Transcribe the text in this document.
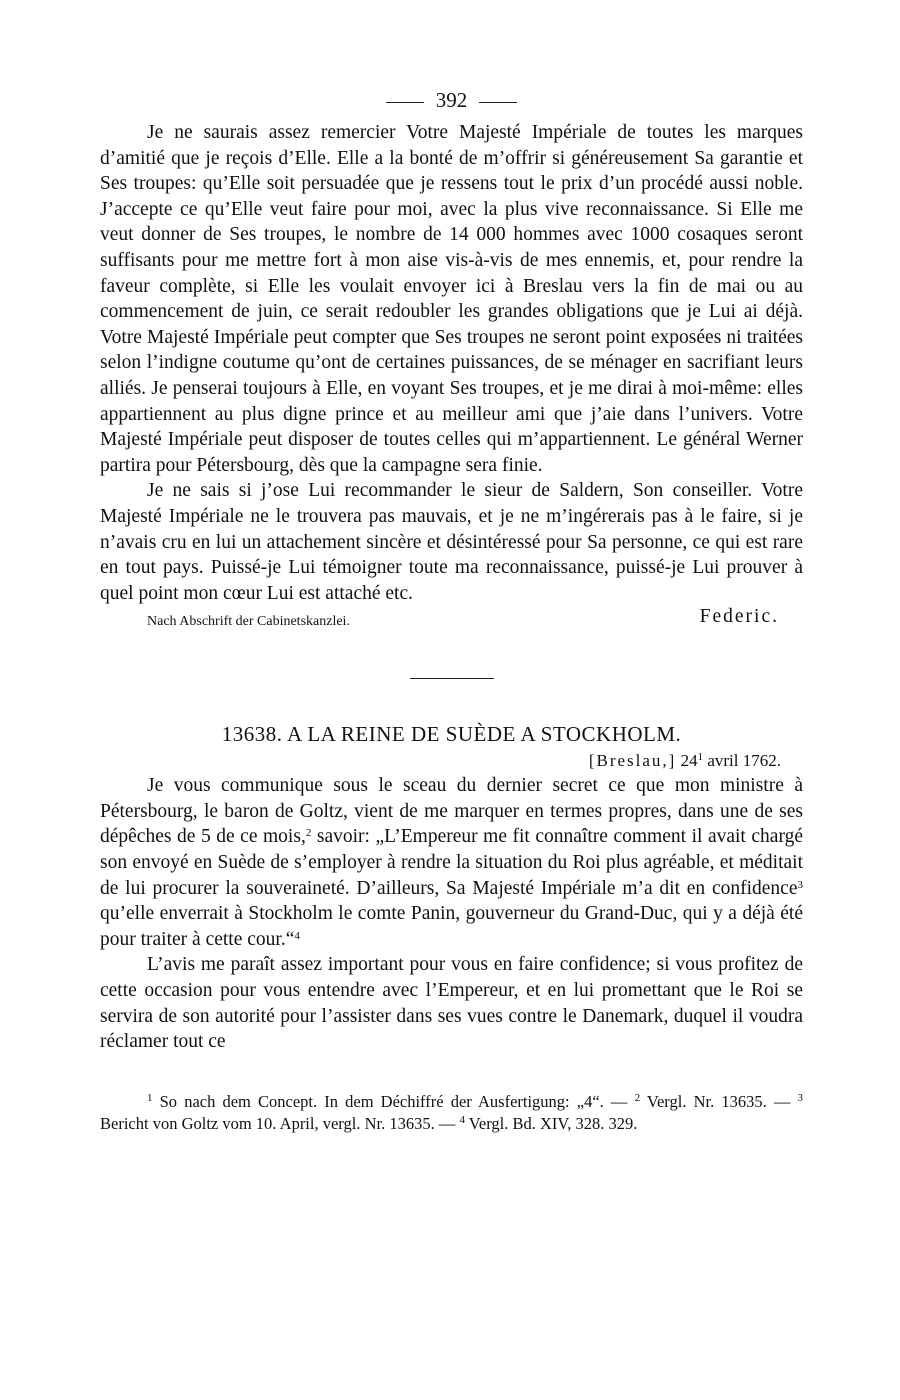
392

Je ne saurais assez remercier Votre Majesté Impériale de toutes les marques d’amitié que je reçois d’Elle. Elle a la bonté de m’offrir si généreusement Sa garantie et Ses troupes: qu’Elle soit persuadée que je ressens tout le prix d’un procédé aussi noble. J’accepte ce qu’Elle veut faire pour moi, avec la plus vive reconnaissance. Si Elle me veut donner de Ses troupes, le nombre de 14 000 hommes avec 1000 cosaques seront suffisants pour me mettre fort à mon aise vis-à-vis de mes ennemis, et, pour rendre la faveur complète, si Elle les voulait envoyer ici à Breslau vers la fin de mai ou au commencement de juin, ce serait redoubler les grandes obligations que je Lui ai déjà. Votre Majesté Impériale peut compter que Ses troupes ne seront point exposées ni traitées selon l’indigne coutume qu’ont de certaines puissances, de se ménager en sacrifiant leurs alliés. Je penserai toujours à Elle, en voyant Ses troupes, et je me dirai à moi-même: elles appartiennent au plus digne prince et au meilleur ami que j’aie dans l’univers. Votre Majesté Impériale peut disposer de toutes celles qui m’appartiennent. Le général Werner partira pour Pétersbourg, dès que la campagne sera finie.

Je ne sais si j’ose Lui recommander le sieur de Saldern, Son conseiller. Votre Majesté Impériale ne le trouvera pas mauvais, et je ne m’ingérerais pas à le faire, si je n’avais cru en lui un attachement sincère et désintéressé pour Sa personne, ce qui est rare en tout pays. Puissé-je Lui témoigner toute ma reconnaissance, puissé-je Lui prouver à quel point mon cœur Lui est attaché etc.

Nach Abschrift der Cabinetskanzlei.	Federic.
13638. A LA REINE DE SUÈDE A STOCKHOLM.
[Breslau,] 24$^1$ avril 1762.

Je vous communique sous le sceau du dernier secret ce que mon ministre à Pétersbourg, le baron de Goltz, vient de me marquer en termes propres, dans une de ses dépêches de 5 de ce mois,$^2$ savoir: „L’Empereur me fit connaître comment il avait chargé son envoyé en Suède de s’employer à rendre la situation du Roi plus agréable, et méditait de lui procurer la souveraineté. D’ailleurs, Sa Majesté Impériale m’a dit en confidence$^3$ qu’elle enverrait à Stockholm le comte Panin, gouverneur du Grand-Duc, qui y a déjà été pour traiter à cette cour.“$^4$

L’avis me paraît assez important pour vous en faire confidence; si vous profitez de cette occasion pour vous entendre avec l’Empereur, et en lui promettant que le Roi se servira de son autorité pour l’assister dans ses vues contre le Danemark, duquel il voudra réclamer tout ce

$^1$ So nach dem Concept. In dem Déchiffré der Ausfertigung: „4“. — $^2$ Vergl. Nr. 13635. — $^3$ Bericht von Goltz vom 10. April, vergl. Nr. 13635. — $^4$ Vergl. Bd. XIV, 328. 329.
